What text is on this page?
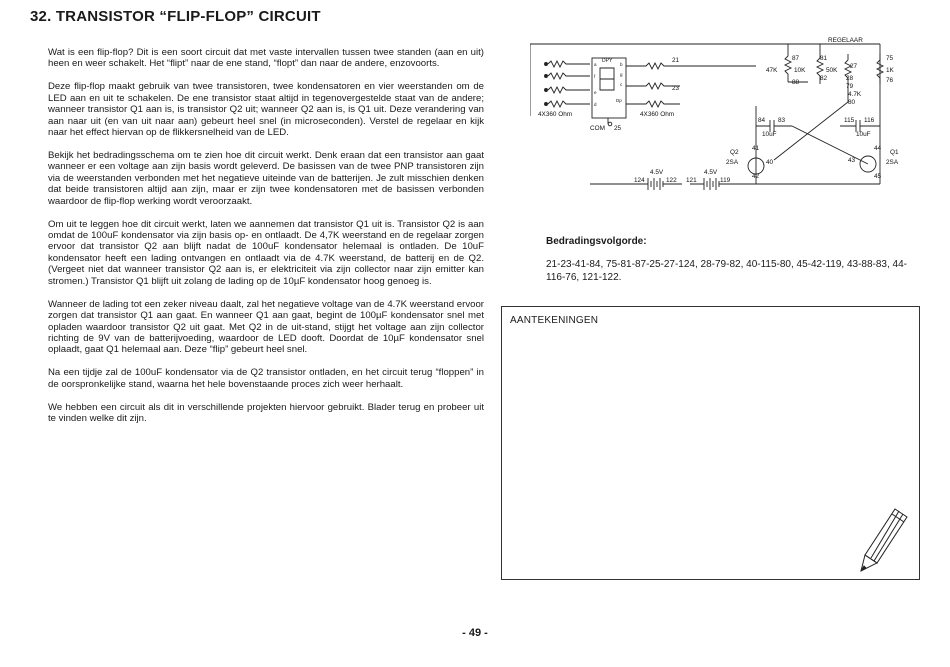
32. TRANSISTOR “FLIP-FLOP” CIRCUIT

Wat is een flip-flop? Dit is een soort circuit dat met vaste intervallen tussen twee standen (aan en uit) heen en weer schakelt. Het “flipt” naar de ene stand, “flopt” dan naar de andere, enzovoorts.

Deze flip-flop maakt gebruik van twee transistoren, twee kondensatoren en vier weerstanden om de LED aan en uit te schakelen. De ene transistor staat altijd in tegenovergestelde staat van de andere; wanneer transistor Q1 aan is, is transistor Q2 uit; wanneer Q2 aan is, is Q1 uit. Deze verandering van aan naar uit (en van uit naar aan) gebeurt heel snel (in microseconden). Verstel de regelaar en kijk naar het effect hiervan op de flikkersnelheid van de LED.

Bekijk het bedradingsschema om te zien hoe dit circuit werkt. Denk eraan dat een transistor aan gaat wanneer er een voltage aan zijn basis wordt geleverd. De basissen van de twee PNP transistoren zijn via de weerstanden verbonden met het negatieve uiteinde van de batterijen. Je zult misschien denken dat beide transistoren altijd aan zijn, maar er zijn twee kondensatoren met de basissen verbonden waardoor de flip-flop werking wordt veroorzaakt.

Om uit te leggen hoe dit circuit werkt, laten we aannemen dat transistor Q1 uit is. Transistor Q2 is aan omdat de 100uF kondensator via zijn basis op- en ontlaadt. De 4,7K weerstand en de regelaar zorgen ervoor dat transistor Q2 aan blijft nadat de 100uF kondensator helemaal is ontladen. De 10uF kondensator heeft een lading ontvangen en ontlaadt via de 4.7K weerstand, de batterij en de Q2. (Vergeet niet dat wanneer transistor Q2 aan is, er elektriciteit via zijn collector naar zijn emitter kan stromen.) Transistor Q1 blijft uit zolang de lading op de 10µF kondensator hoog genoeg is.

Wanneer de lading tot een zeker niveau daalt, zal het negatieve voltage van de 4.7K weerstand ervoor zorgen dat transistor Q1 aan gaat. En wanneer Q1 aan gaat, begint de 100µF kondensator snel met opladen waardoor transistor Q2 uit gaat. Met Q2 in de uit-stand, stijgt het voltage aan zijn collector richting de 9V van de batterijvoeding, waardoor de LED dooft. Doordat de 10µF kondensator snel oplaadt, gaat Q1 helemaal aan. Deze “flip” gebeurt heel snel.

Na een tijdje zal de 100uF kondensator via de Q2 transistor ontladen, en het circuit terug “floppen” in de oorspronkelijke stand, waarna het hele bovenstaande proces zich weer herhaalt.

We hebben een circuit als dit in verschillende projekten hiervoor gebruikt. Blader terug en probeer uit te vinden welke dit zijn.

REGELAAR
4X360 Ohm	4X360 Ohm
COM 25
DPY
a	b
c
d
e
f	g
Dp
21
23
87
47K
88
10K
81
82
50K
27
28
79
4.7K
80
75
1K
76
84 83
10uF
115 116
10uF
Q2
2SA
41
40
42
44
43
45
Q1
2SA
4.5V	4.5V
124	122 121	119
Bedradingsvolgorde:

21-23-41-84, 75-81-87-25-27-124, 28-79-82, 40-115-80, 45-42-119, 43-88-83, 44-116-76, 121-122.

AANTEKENINGEN
- 49 -
